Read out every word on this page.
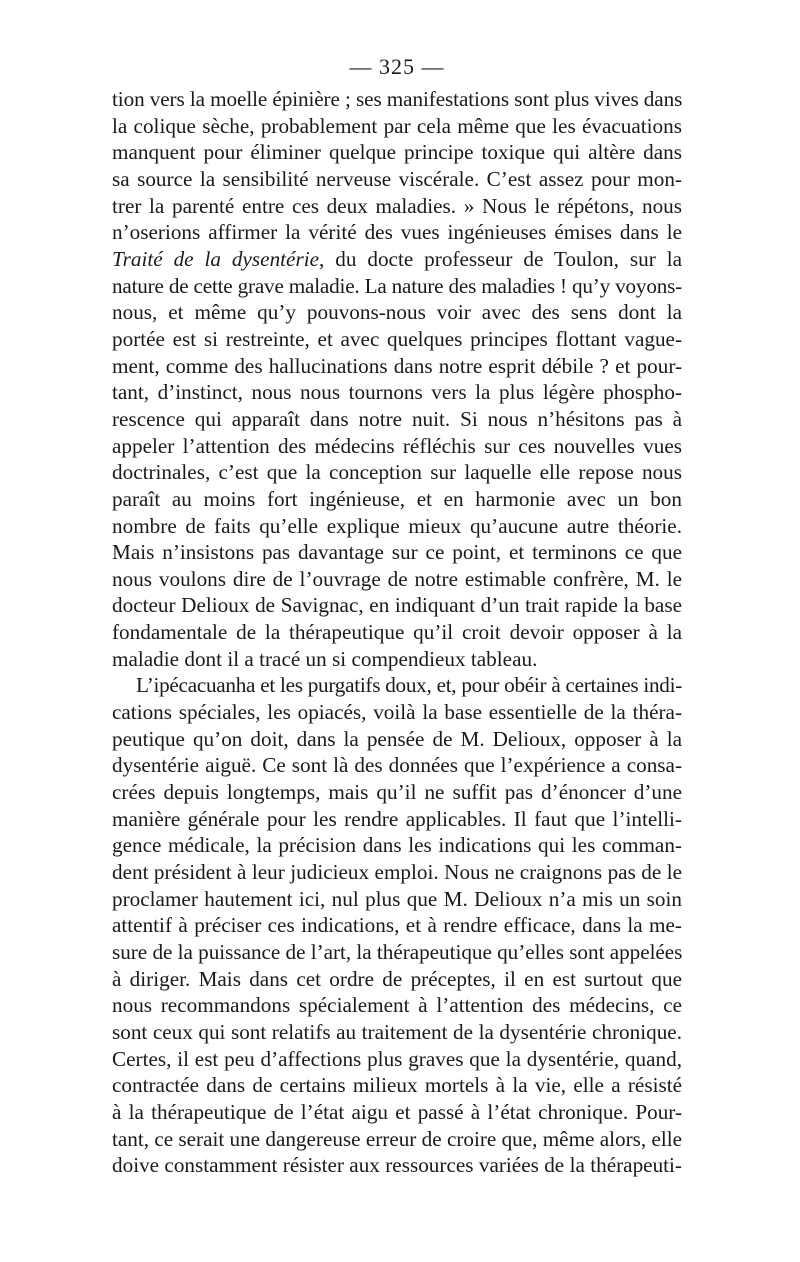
— 325 —
tion vers la moelle épinière ; ses manifestations sont plus vives dans
la colique sèche, probablement par cela même que les évacuations
manquent pour éliminer quelque principe toxique qui altère dans
sa source la sensibilité nerveuse viscérale. C’est assez pour mon-
trer la parenté entre ces deux maladies. » Nous le répétons, nous
n’oserions affirmer la vérité des vues ingénieuses émises dans le
Traité de la dysentérie, du docte professeur de Toulon, sur la
nature de cette grave maladie. La nature des maladies ! qu’y voyons-
nous, et même qu’y pouvons-nous voir avec des sens dont la
portée est si restreinte, et avec quelques principes flottant vague-
ment, comme des hallucinations dans notre esprit débile ? et pour-
tant, d’instinct, nous nous tournons vers la plus légère phospho-
rescence qui apparaît dans notre nuit. Si nous n’hésitons pas à
appeler l’attention des médecins réfléchis sur ces nouvelles vues
doctrinales, c’est que la conception sur laquelle elle repose nous
paraît au moins fort ingénieuse, et en harmonie avec un bon
nombre de faits qu’elle explique mieux qu’aucune autre théorie.
Mais n’insistons pas davantage sur ce point, et terminons ce que
nous voulons dire de l’ouvrage de notre estimable confrère, M. le
docteur Delioux de Savignac, en indiquant d’un trait rapide la base
fondamentale de la thérapeutique qu’il croit devoir opposer à la
maladie dont il a tracé un si compendieux tableau.
L’ipécacuanha et les purgatifs doux, et, pour obéir à certaines indi-
cations spéciales, les opiacés, voilà la base essentielle de la théra-
peutique qu’on doit, dans la pensée de M. Delioux, opposer à la
dysentérie aiguë. Ce sont là des données que l’expérience a consa-
crées depuis longtemps, mais qu’il ne suffit pas d’énoncer d’une
manière générale pour les rendre applicables. Il faut que l’intelli-
gence médicale, la précision dans les indications qui les comman-
dent président à leur judicieux emploi. Nous ne craignons pas de le
proclamer hautement ici, nul plus que M. Delioux n’a mis un soin
attentif à préciser ces indications, et à rendre efficace, dans la me-
sure de la puissance de l’art, la thérapeutique qu’elles sont appelées
à diriger. Mais dans cet ordre de préceptes, il en est surtout que
nous recommandons spécialement à l’attention des médecins, ce
sont ceux qui sont relatifs au traitement de la dysentérie chronique.
Certes, il est peu d’affections plus graves que la dysentérie, quand,
contractée dans de certains milieux mortels à la vie, elle a résisté
à la thérapeutique de l’état aigu et passé à l’état chronique. Pour-
tant, ce serait une dangereuse erreur de croire que, même alors, elle
doive constamment résister aux ressources variées de la thérapeuti-
